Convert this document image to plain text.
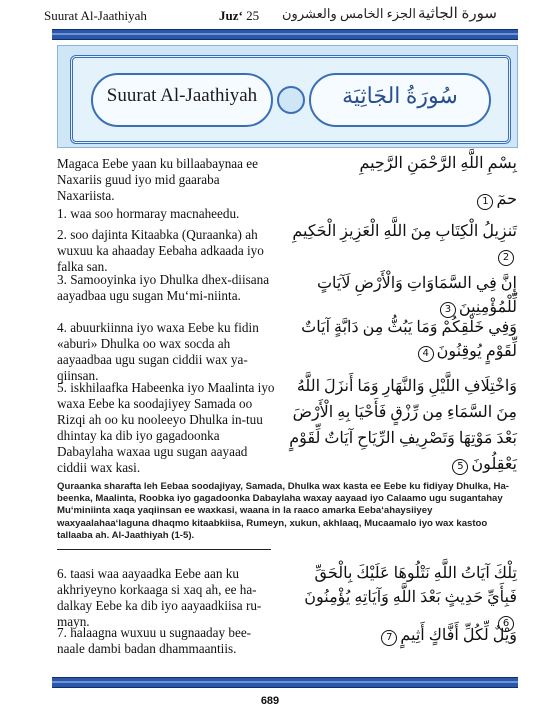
Suurat Al-Jaathiyah	Juz‘ 25 الجزء الخامس والعشرون سورة الجاثية
Suurat Al-Jaathiyah	سُورَةُ الجَاثِيَة
Magaca Eebe yaan ku billaabaynaa ee Naxariis guud iyo mid gaaraba Naxariista.
1. waa soo hormaray macnaheedu.
2. soo dajinta Kitaabka (Quraanka) ah wuxuu ka ahaaday Eebaha adkaada iyo falka san.
3. Samooyinka iyo Dhulka dhex-diisana aayadbaa ugu sugan Mu‘mi-niinta.
4. abuurkiinna iyo waxa Eebe ku fidin «aburi» Dhulka oo wax socda ah aayaadbaa ugu sugan ciddii wax ya-qiinsan.
5. iskhilaafka Habeenka iyo Maalinta iyo waxa Eebe ka soodajiyey Samada oo Rizqi ah oo ku nooleeyo Dhulka in-tuu dhintay ka dib iyo gagadoonka Dabaylaha waxaa ugu sugan aayaad ciddii wax kasi.
6. taasi waa aayaadka Eebe aan ku akhriyeyno korkaaga si xaq ah, ee ha-dalkay Eebe ka dib iyo aayaadkiisa ru-mayn.
7. halaagna wuxuu u sugnaaday bee-naale dambi badan dhammaantiis.
بِسْمِ اللَّهِ الرَّحْمَنِ الرَّحِيمِ
حمٓ1
تَنزِيلُ الْكِتَابِ مِنَ اللَّهِ الْعَزِيزِ الْحَكِيمِ2
إِنَّ فِي السَّمَاوَاتِ وَالْأَرْضِ لَآيَاتٍ لِّلْمُؤْمِنِينَ3
وَفِي خَلْقِكُمْ وَمَا يَبُثُّ مِن دَابَّةٍ آيَاتٌ لِّقَوْمٍ يُوقِنُونَ4
وَاخْتِلَافِ اللَّيْلِ وَالنَّهَارِ وَمَا أَنزَلَ اللَّهُ مِنَ السَّمَاءِ مِن رِّزْقٍ فَأَحْيَا بِهِ الْأَرْضَ بَعْدَ مَوْتِهَا وَتَصْرِيفِ الرِّيَاحِ آيَاتٌ لِّقَوْمٍ يَعْقِلُونَ5
تِلْكَ آيَاتُ اللَّهِ نَتْلُوهَا عَلَيْكَ بِالْحَقِّ فَبِأَيِّ حَدِيثٍ بَعْدَ اللَّهِ وَآيَاتِهِ يُؤْمِنُونَ6
وَيْلٌ لِّكُلِّ أَفَّاكٍ أَثِيمٍ7
Quraanka sharafta leh Eebaa soodajiyay, Samada, Dhulka wax kasta ee Eebe ku fidiyay Dhulka, Ha-beenka, Maalinta, Roobka iyo gagadoonka Dabaylaha waxay aayaad iyo Calaamo ugu sugantahay Mu‘miniinta xaqa yaqiinsan ee waxkasi, waana in la raaco amarka Eeba‘ahaysiiyey waxyaalahaa‘laguna dhaqmo kitaabkiisa, Rumeyn, xukun, akhlaaq, Mucaamalo iyo wax kastoo tallaaba ah. Al-Jaathiyah (1-5).
689
